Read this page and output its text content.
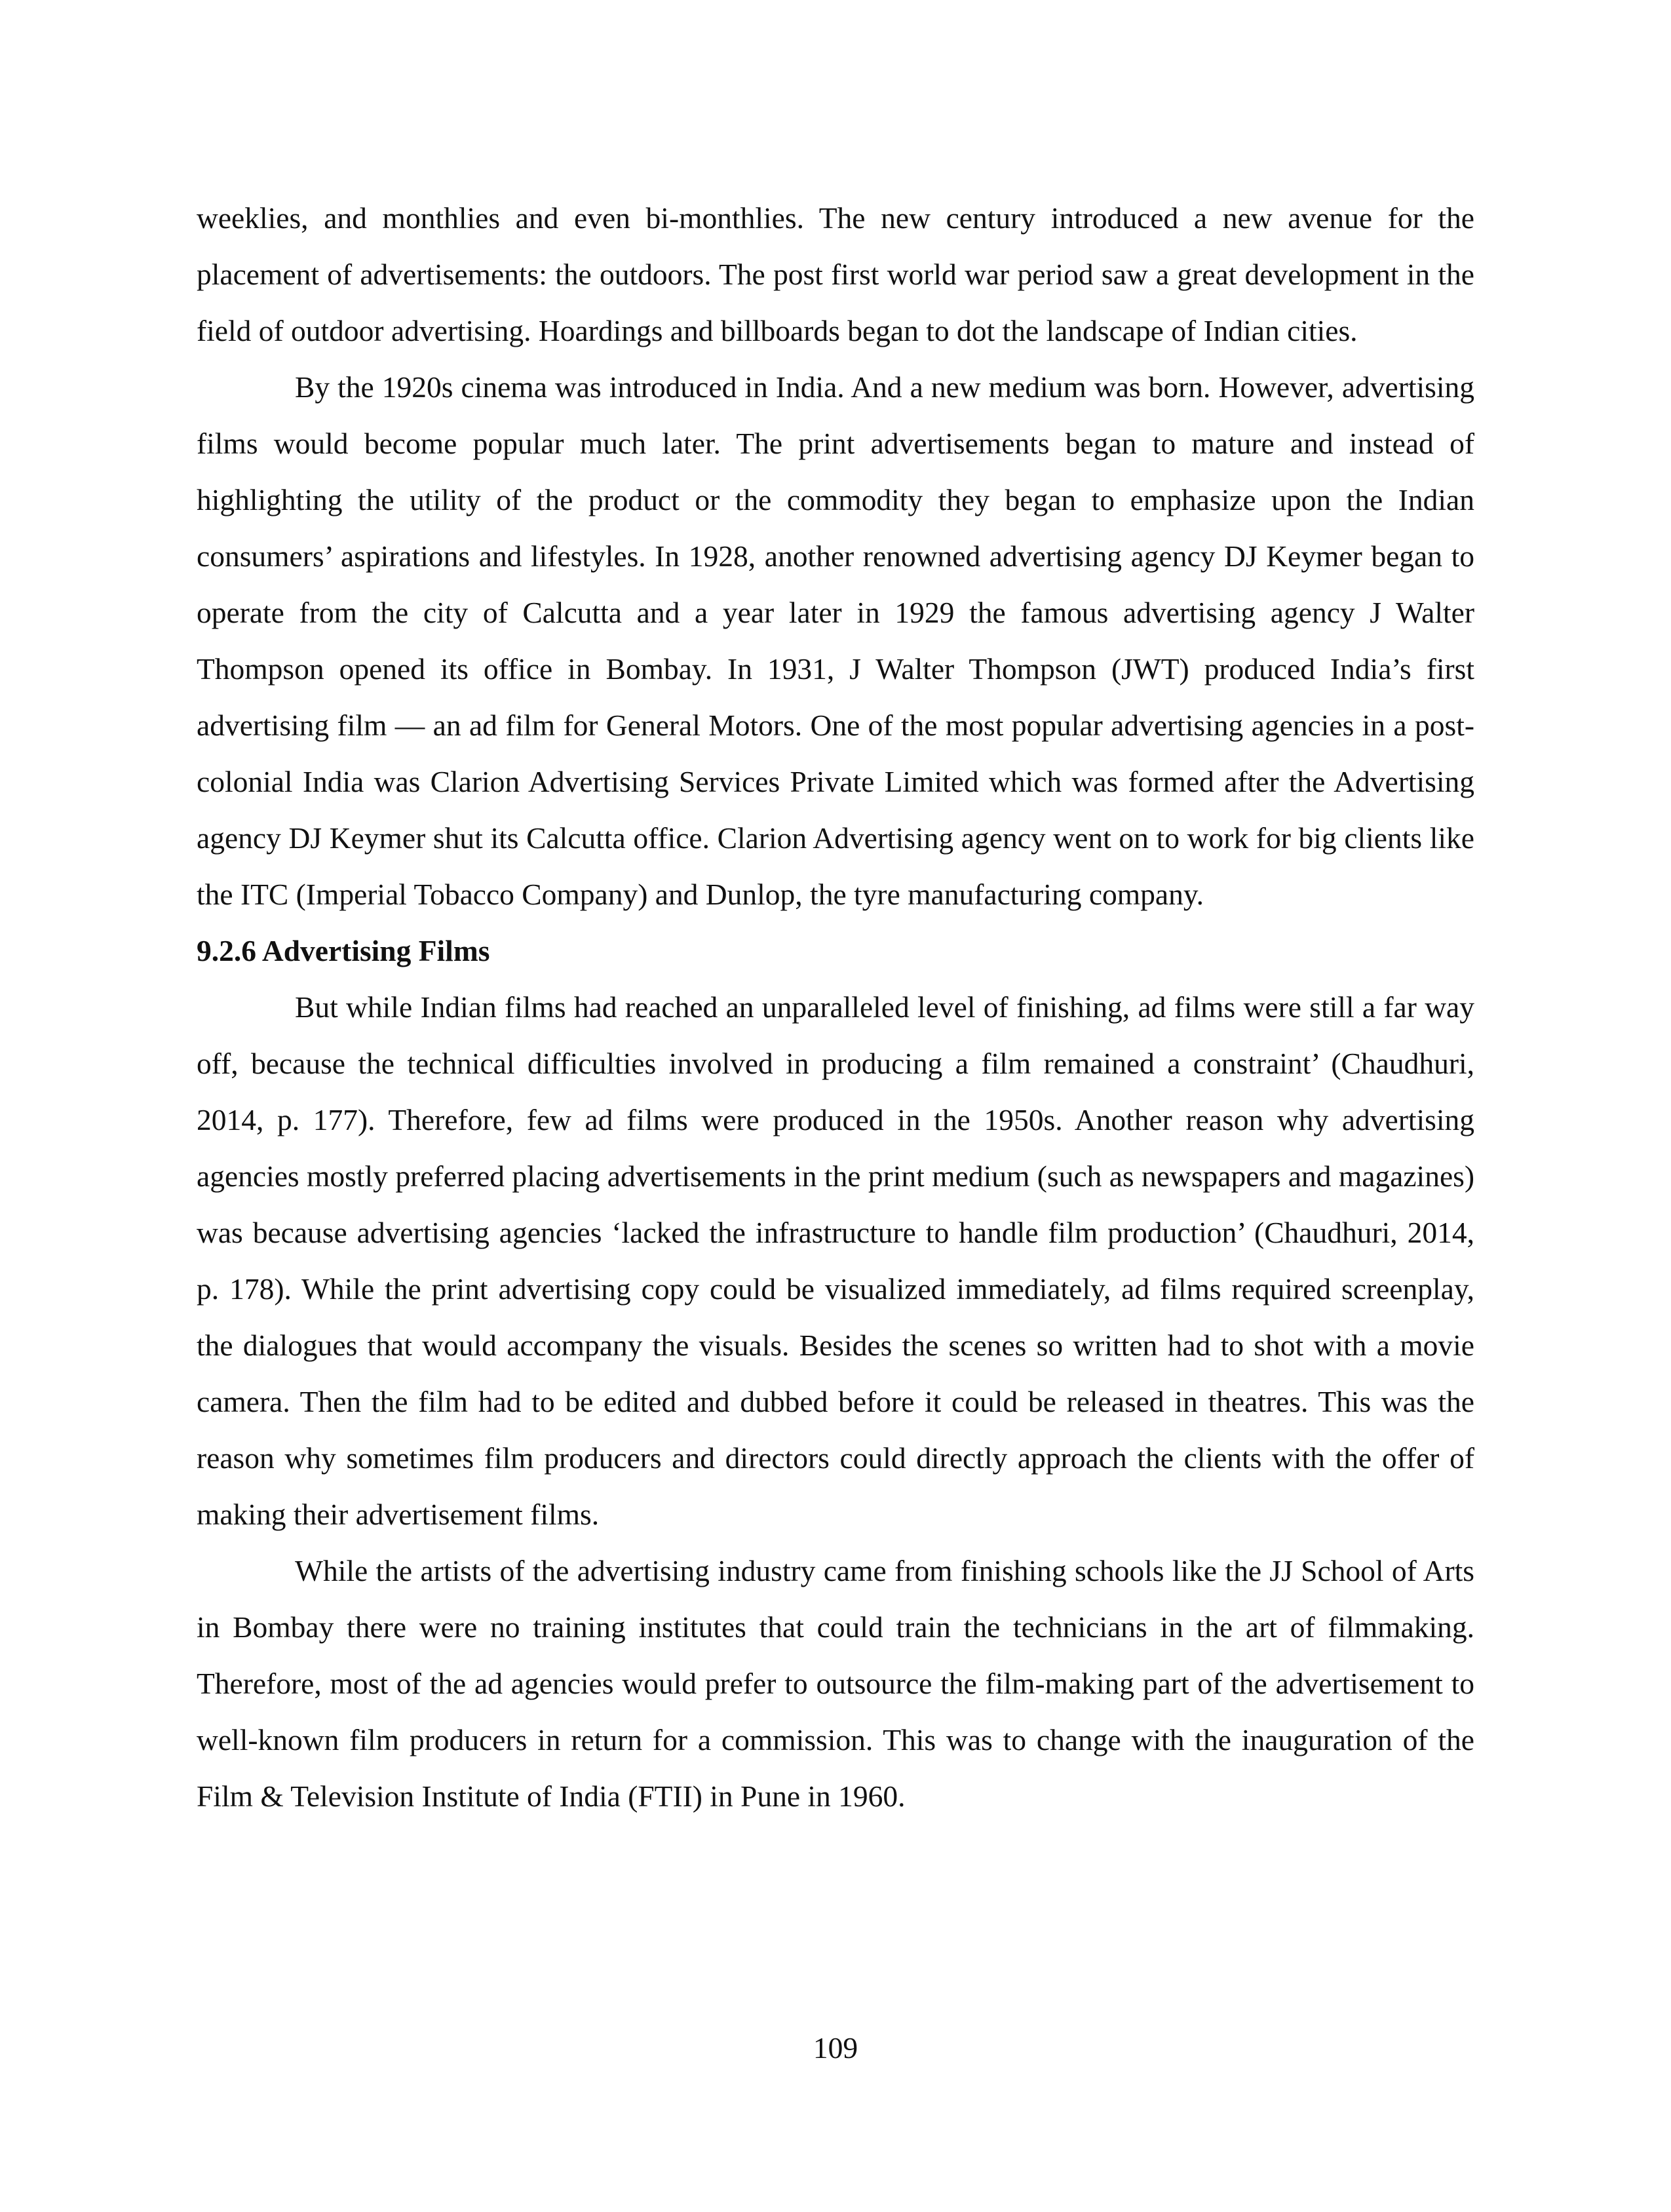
weeklies, and monthlies and even bi-monthlies. The new century introduced a new avenue for the placement of advertisements: the outdoors. The post first world war period saw a great development in the field of outdoor advertising. Hoardings and billboards began to dot the landscape of Indian cities.

By the 1920s cinema was introduced in India. And a new medium was born. However, advertising films would become popular much later. The print advertisements began to mature and instead of highlighting the utility of the product or the commodity they began to emphasize upon the Indian consumers’ aspirations and lifestyles. In 1928, another renowned advertising agency DJ Keymer began to operate from the city of Calcutta and a year later in 1929 the famous advertising agency J Walter Thompson opened its office in Bombay. In 1931, J Walter Thompson (JWT) produced India’s first advertising film — an ad film for General Motors. One of the most popular advertising agencies in a post-colonial India was Clarion Advertising Services Private Limited which was formed after the Advertising agency DJ Keymer shut its Calcutta office. Clarion Advertising agency went on to work for big clients like the ITC (Imperial Tobacco Company) and Dunlop, the tyre manufacturing company.

9.2.6 Advertising Films

But while Indian films had reached an unparalleled level of finishing, ad films were still a far way off, because the technical difficulties involved in producing a film remained a constraint’ (Chaudhuri, 2014, p. 177). Therefore, few ad films were produced in the 1950s. Another reason why advertising agencies mostly preferred placing advertisements in the print medium (such as newspapers and magazines) was because advertising agencies ‘lacked the infrastructure to handle film production’ (Chaudhuri, 2014, p. 178). While the print advertising copy could be visualized immediately, ad films required screenplay, the dialogues that would accompany the visuals. Besides the scenes so written had to shot with a movie camera. Then the film had to be edited and dubbed before it could be released in theatres. This was the reason why sometimes film producers and directors could directly approach the clients with the offer of making their advertisement films.

While the artists of the advertising industry came from finishing schools like the JJ School of Arts in Bombay there were no training institutes that could train the technicians in the art of filmmaking. Therefore, most of the ad agencies would prefer to outsource the film-making part of the advertisement to well-known film producers in return for a commission. This was to change with the inauguration of the Film & Television Institute of India (FTII) in Pune in 1960.

109
